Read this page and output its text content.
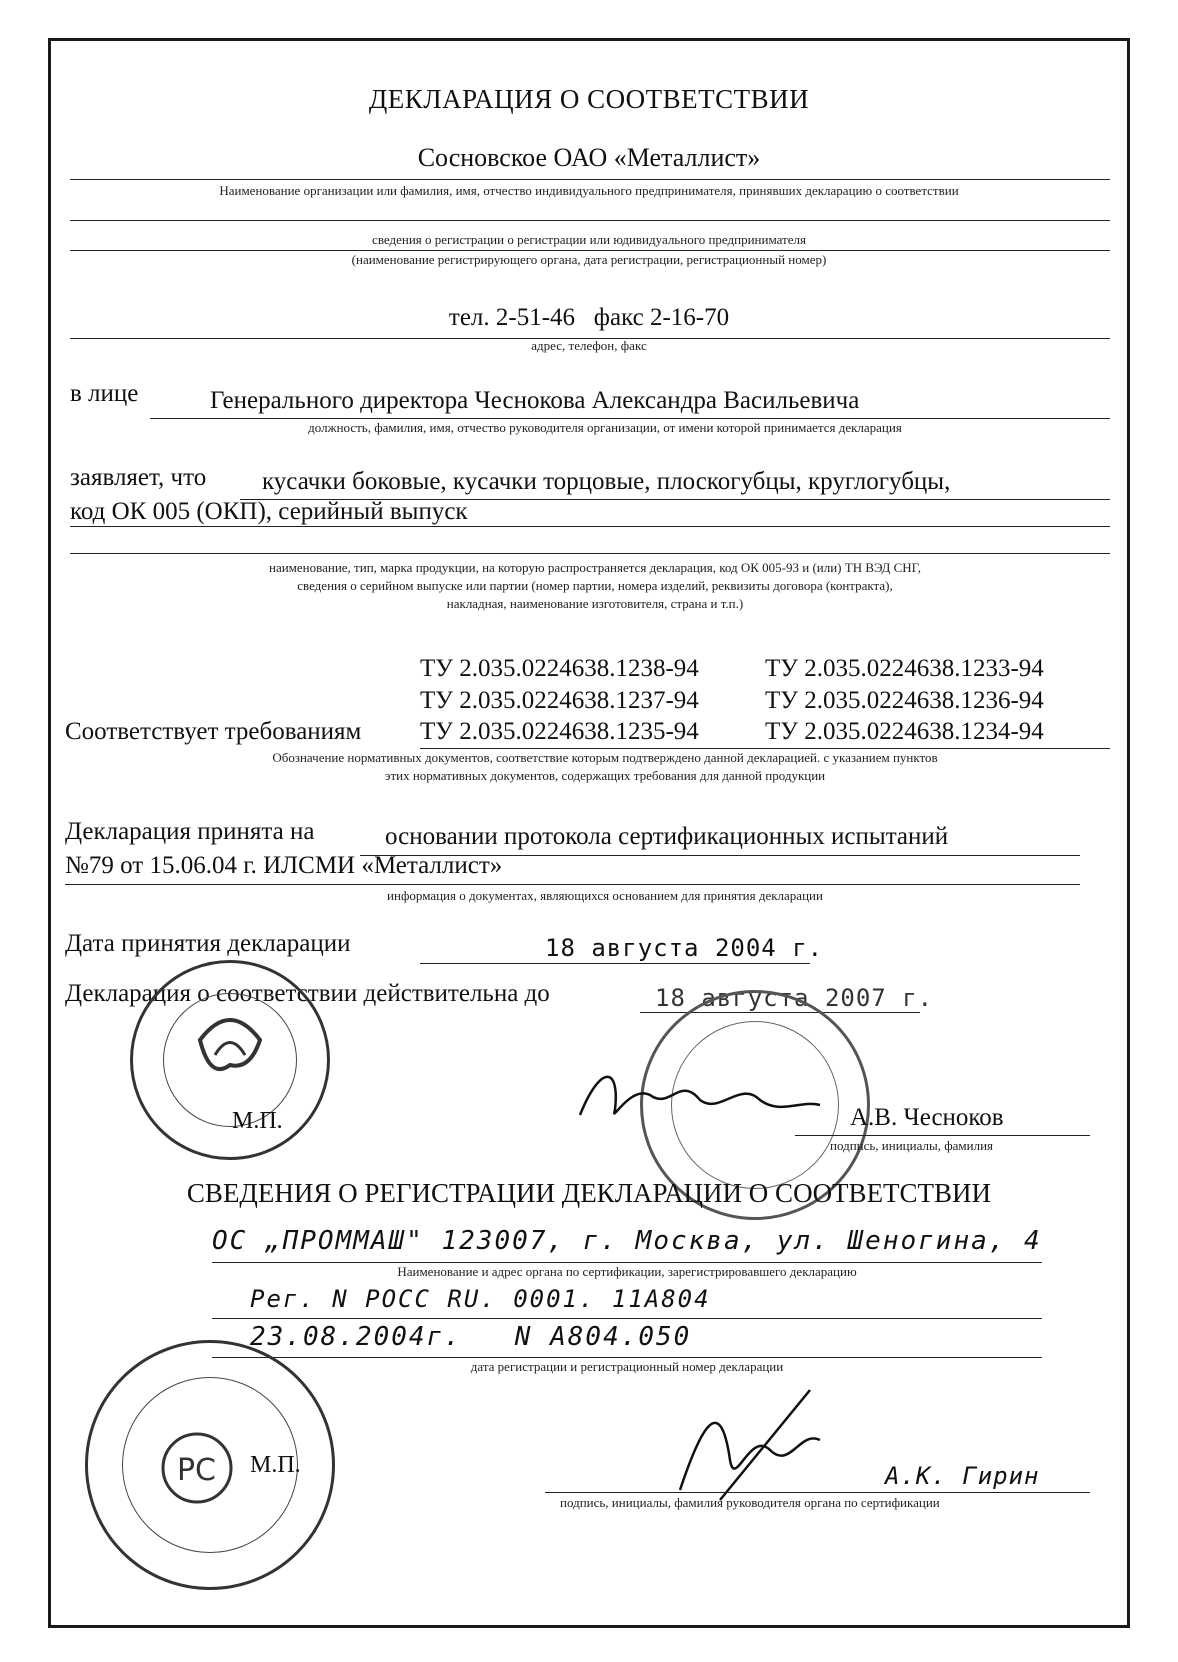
ДЕКЛАРАЦИЯ О СООТВЕТСТВИИ
Сосновское ОАО «Металлист»
Наименование организации или фамилия, имя, отчество индивидуального предпринимателя, принявших декларацию о соответствии
сведения о регистрации о регистрации или юдивидуального предпринимателя
(наименование регистрирующего органа, дата регистрации, регистрационный номер)
тел. 2-51-46   факс 2-16-70
адрес, телефон, факс
в лице	Генерального директора Чеснокова Александра Васильевича
должность, фамилия, имя, отчество руководителя организации, от имени которой принимается декларация
заявляет, что кусачки боковые, кусачки торцовые, плоскогубцы, круглогубцы,
код ОК 005 (ОКП), серийный выпуск
наименование, тип, марка продукции, на которую распространяется декларация, код ОК 005-93 и (или) ТН ВЭД СНГ,
сведения о серийном выпуске или партии (номер партии, номера изделий, реквизиты договора (контракта),
накладная, наименование изготовителя, страна и т.п.)
ТУ 2.035.0224638.1238-94	ТУ 2.035.0224638.1233-94
ТУ 2.035.0224638.1237-94	ТУ 2.035.0224638.1236-94
Соответствует требованиям ТУ 2.035.0224638.1235-94	ТУ 2.035.0224638.1234-94
Обозначение нормативных документов, соответствие которым подтверждено данной декларацией. с указанием пунктов
этих нормативных документов, содержащих требования для данной продукции
Декларация принята на	основании протокола сертификационных испытаний
№79 от 15.06.04 г. ИЛСМИ «Металлист»
информация о документах, являющихся основанием для принятия декларации
Дата принятия декларации	18 августа 2004 г.
Декларация о соответствии действительна до	18 августа 2007 г.
М.П.	А.В. Чесноков
подпись, инициалы, фамилия
СВЕДЕНИЯ О РЕГИСТРАЦИИ ДЕКЛАРАЦИИ О СООТВЕТСТВИИ
ОС „ПРОММАШ" 123007, г. Москва, ул. Шеногина, 4
Наименование и адрес органа по сертификации, зарегистрировавшего декларацию
Рег. N РОСС RU. 0001. 11А804
23.08.2004г.   N А804.050
дата регистрации и регистрационный номер декларации
Р С М.П.	А.К. Гирин
подпись, инициалы, фамилия руководителя органа по сертификации
